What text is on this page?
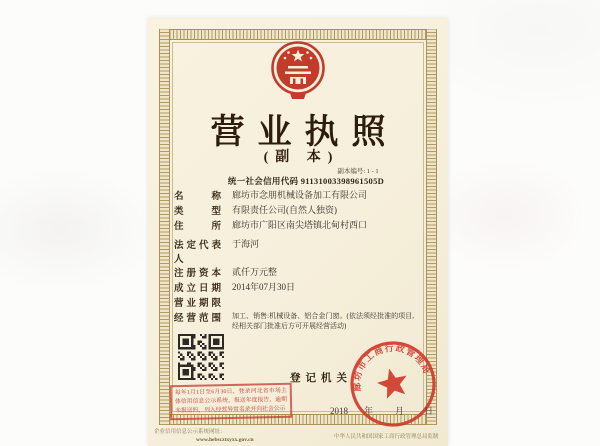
营业执照
(副 本)
副本编号: 1 - 1
统一社会信用代码 91131003398961505D
名称 廊坊市念朋机械设备加工有限公司
类型 有限责任公司(自然人独资)
住所 廊坊市广阳区南尖塔镇北甸村西口
法定代表人
于海河
注册资本 贰仟万元整
成立日期 2014年07月30日
营业期限
经营范围 加工、销售:机械设备、铝合金门窗。(依法须经批准的项目,经相关部门批准后方可开展经营活动)
每年1月1日至6月30日，登录河北省市场主体信用信息公示系统，报送年度报告，逾期未报送的，列入经营异常名录并向社会公示
登记机关
廊坊市工商行政管理局
2018 年 月 日
企业信用信息公示系统网址：
www.hebscztxyxx.gov.cn
中华人民共和国国家工商行政管理总局监制
